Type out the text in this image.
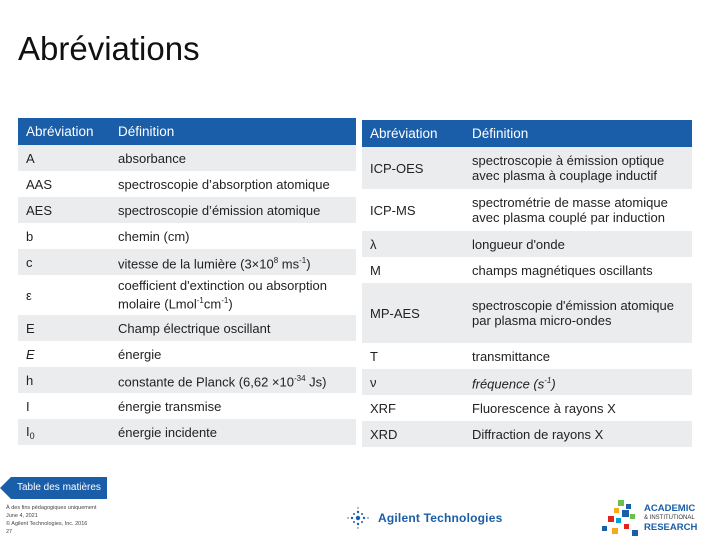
Abréviations
Abréviation	Définition
A	absorbance
AAS	spectroscopie d’absorption atomique
AES	spectroscopie d’émission atomique
b	chemin (cm)
c	vitesse de la lumière ($3\times 10^8$ $ms^{-1}$)
ε	coefficient d'extinction ou absorption molaire $(Lmol^{-1}cm^{-1})$
E	Champ électrique oscillant
E	énergie
h	constante de Planck ($6,62 \times 10^{-34}$ Js)
I	énergie transmise
$I_0$	énergie incidente
Abréviation	Définition
ICP-OES	spectroscopie à émission optique avec plasma à couplage inductif
ICP-MS	spectrométrie de masse atomique avec plasma couplé par induction
λ	longueur d'onde
M	champs magnétiques oscillants
MP-AES	spectroscopie d'émission atomique par plasma micro-ondes
T	transmittance
ν	fréquence $(s^{-1})$
XRF	Fluorescence à rayons X
XRD	Diffraction de rayons X
Table des matières
À des fins pédagogiques uniquement
June 4, 2021
© Agilent Technologies, Inc. 2016
27
Agilent Technologies
ACADEMIC
& INSTITUTIONAL
RESEARCH
